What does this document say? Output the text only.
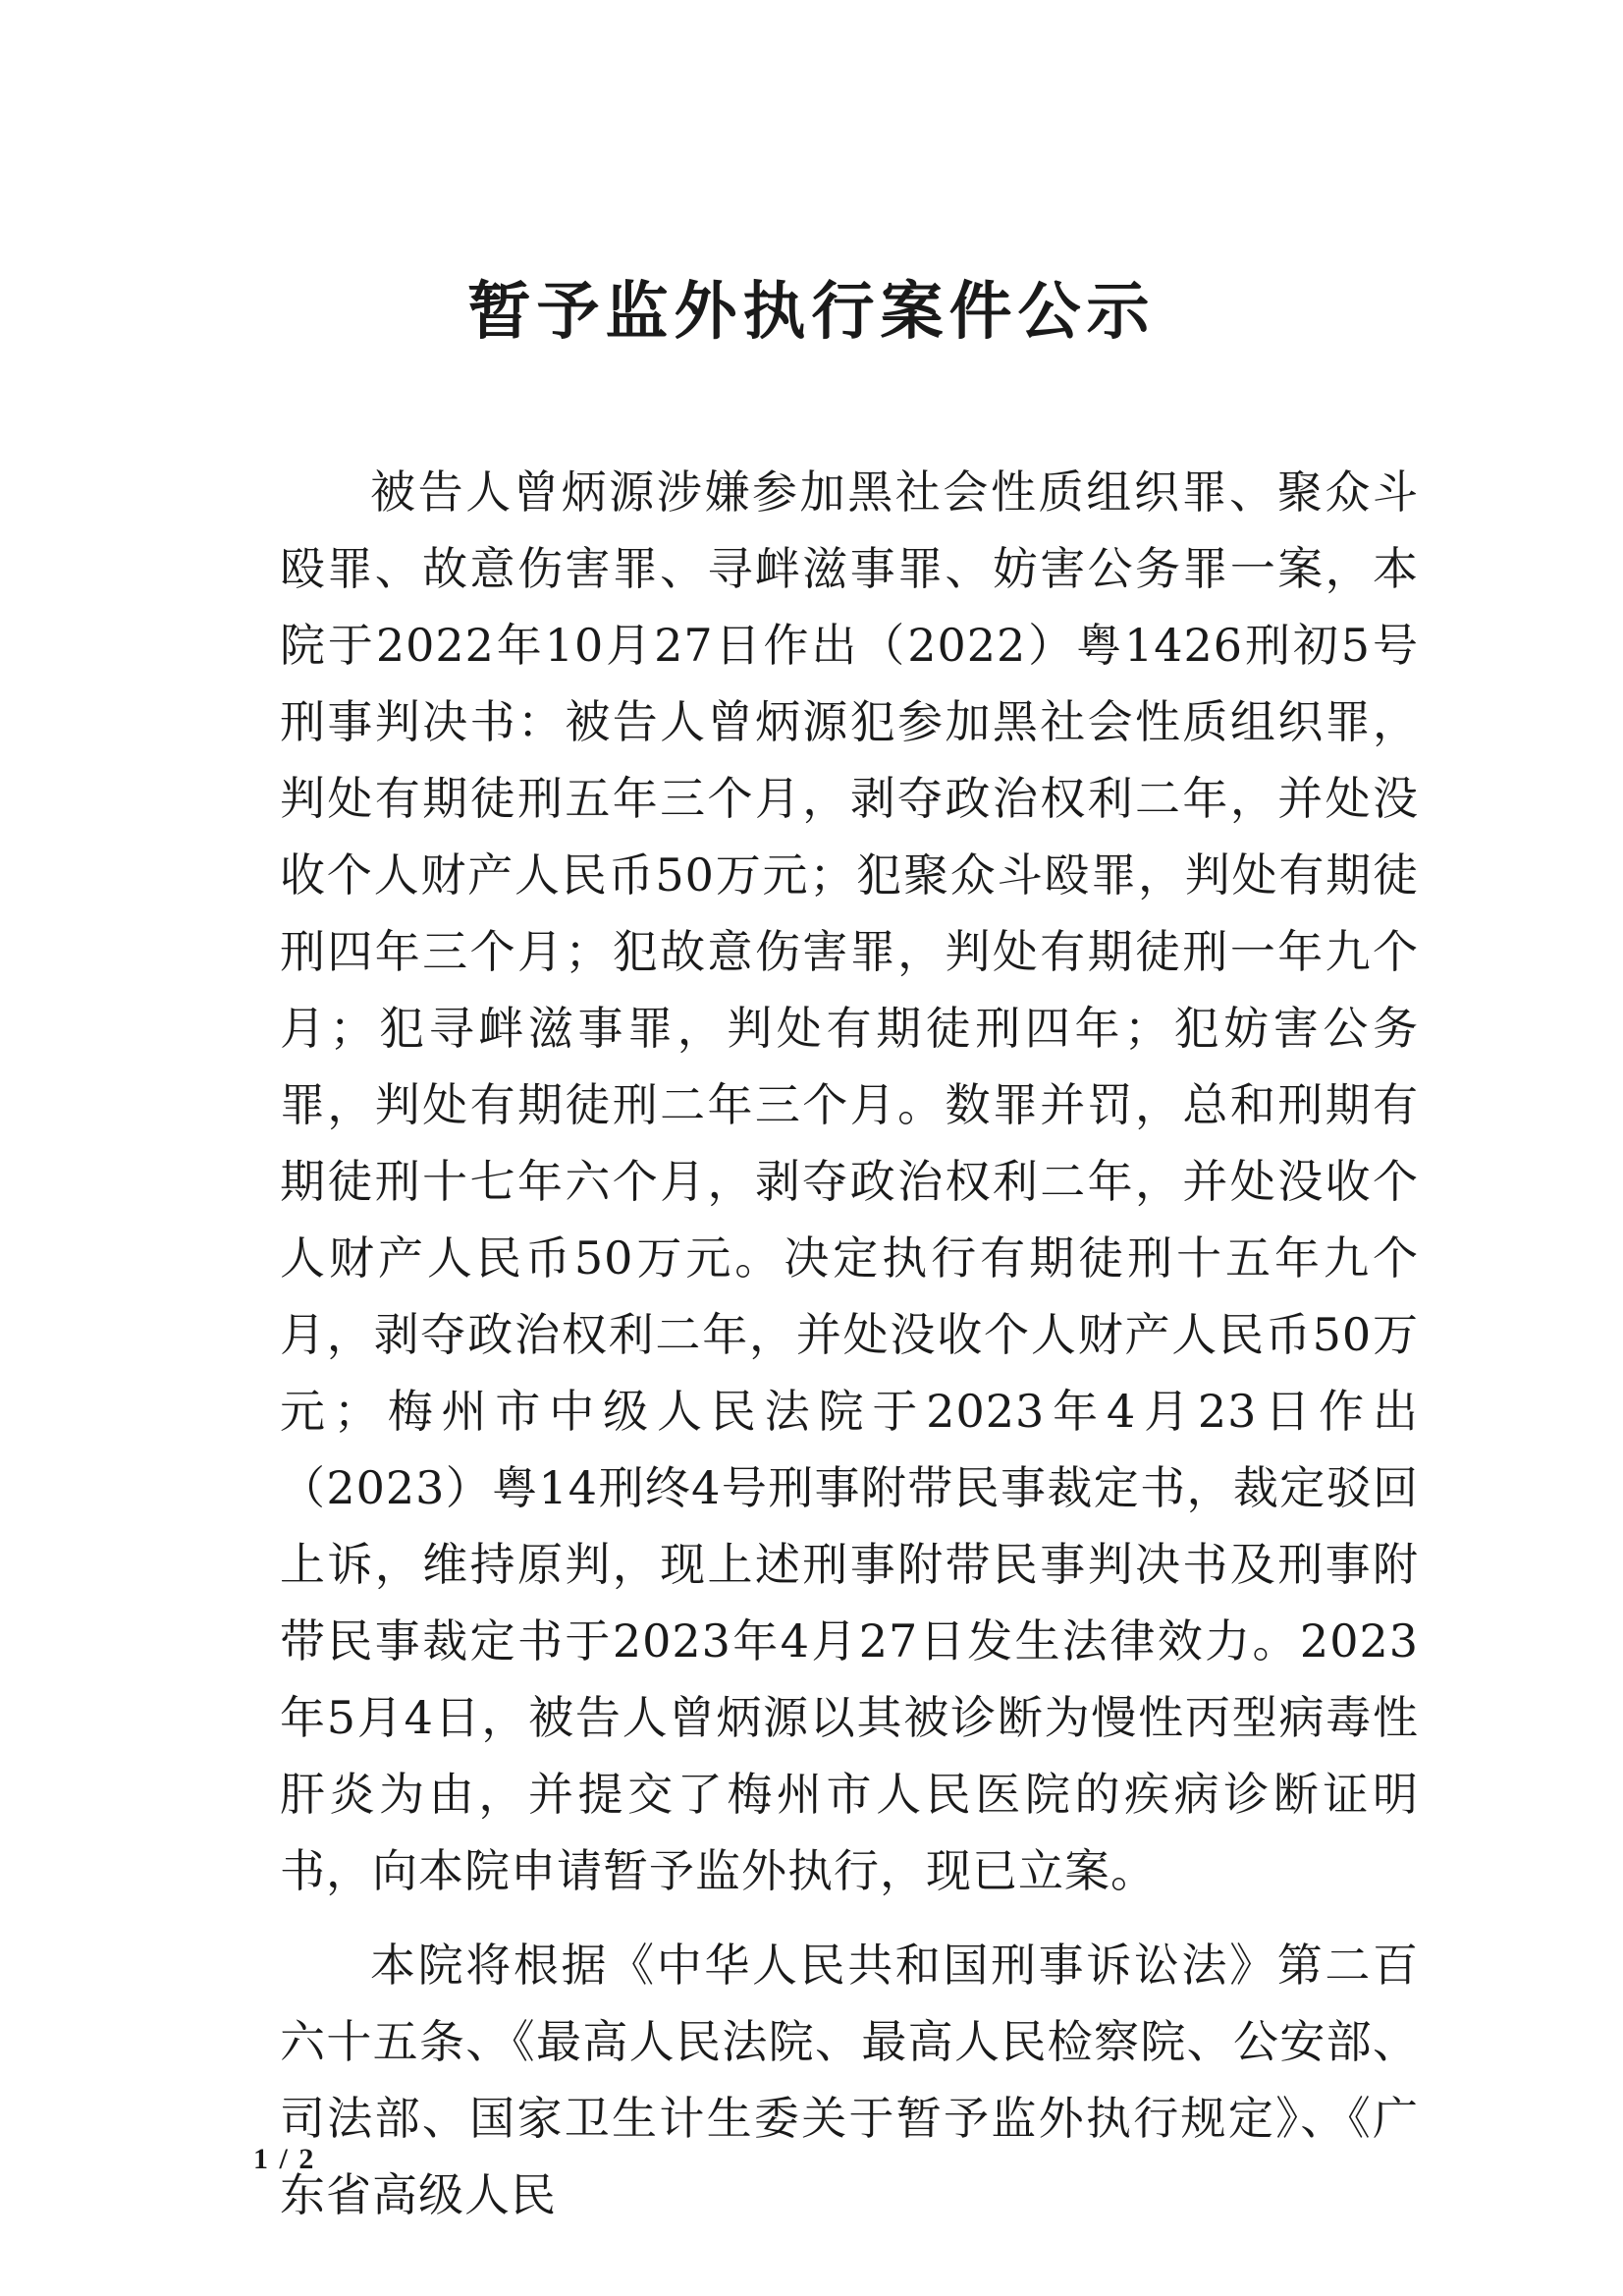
暂予监外执行案件公示

被告人曾炳源涉嫌参加黑社会性质组织罪、聚众斗殴罪、故意伤害罪、寻衅滋事罪、妨害公务罪一案，本院于2022年10月27日作出（2022）粤1426刑初5号刑事判决书：被告人曾炳源犯参加黑社会性质组织罪，判处有期徒刑五年三个月，剥夺政治权利二年，并处没收个人财产人民币50万元；犯聚众斗殴罪，判处有期徒刑四年三个月；犯故意伤害罪，判处有期徒刑一年九个月；犯寻衅滋事罪，判处有期徒刑四年；犯妨害公务罪，判处有期徒刑二年三个月。数罪并罚，总和刑期有期徒刑十七年六个月，剥夺政治权利二年，并处没收个人财产人民币50万元。决定执行有期徒刑十五年九个月，剥夺政治权利二年，并处没收个人财产人民币50万元；梅州市中级人民法院于2023年4月23日作出（2023）粤14刑终4号刑事附带民事裁定书，裁定驳回上诉，维持原判，现上述刑事附带民事判决书及刑事附带民事裁定书于2023年4月27日发生法律效力。2023年5月4日，被告人曾炳源以其被诊断为慢性丙型病毒性肝炎为由，并提交了梅州市人民医院的疾病诊断证明书，向本院申请暂予监外执行，现已立案。

本院将根据《中华人民共和国刑事诉讼法》第二百六十五条、《最高人民法院、最高人民检察院、公安部、司法部、国家卫生计生委关于暂予监外执行规定》、《广东省高级人民

1 / 2
